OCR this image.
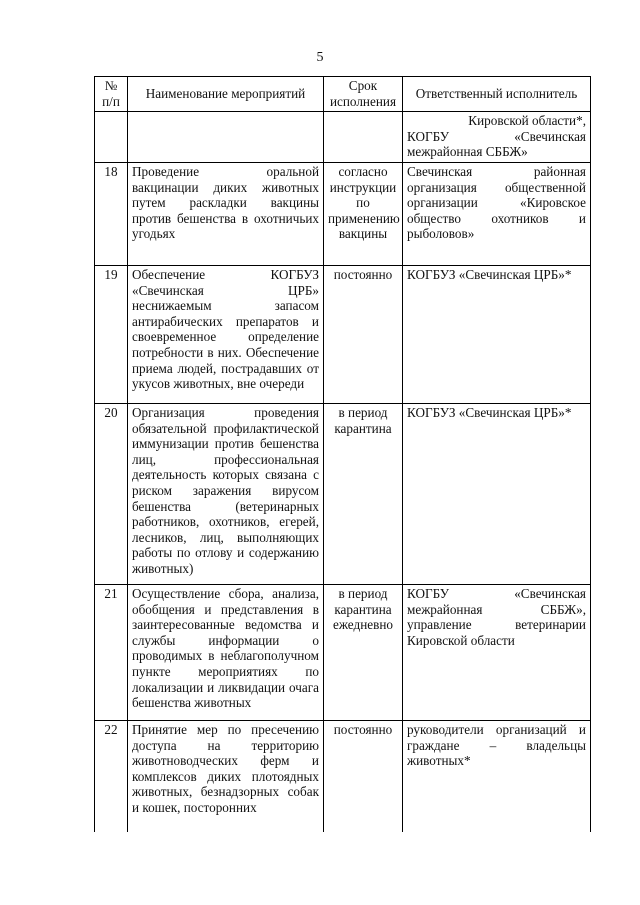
5
№ п/п	Наименование мероприятий	Срок исполнения	Ответственный исполнитель

			Кировской области*,
КОГБУ «Свечинская межрайонная СББЖ»

18	Проведение оральной вакцинации диких животных путем раскладки вакцины против бешенства в охотничьих угодьях	согласно инструкции по применению вакцины	Свечинская районная организация общественной организации «Кировское общество охотников и рыболовов»
19	Обеспечение КОГБУЗ «Свечинская ЦРБ» неснижаемым запасом антирабических препаратов и своевременное определение потребности в них. Обеспечение приема людей, пострадавших от укусов животных, вне очереди	постоянно	КОГБУЗ «Свечинская ЦРБ»*
20	Организация проведения обязательной профилактической иммунизации против бешенства лиц, профессиональная деятельность которых связана с риском заражения вирусом бешенства (ветеринарных работников, охотников, егерей, лесников, лиц, выполняющих работы по отлову и содержанию животных)	в период карантина	КОГБУЗ «Свечинская ЦРБ»*
21	Осуществление сбора, анализа, обобщения и представления в заинтересованные ведомства и службы информации о проводимых в неблагополучном пункте мероприятиях по локализации и ликвидации очага бешенства животных	в период карантина ежедневно	КОГБУ «Свечинская межрайонная СББЖ», управление ветеринарии Кировской области
22	Принятие мер по пресечению доступа на территорию животноводческих ферм и комплексов диких плотоядных животных, безнадзорных собак и кошек, посторонних	постоянно	руководители организаций и граждане – владельцы животных*
